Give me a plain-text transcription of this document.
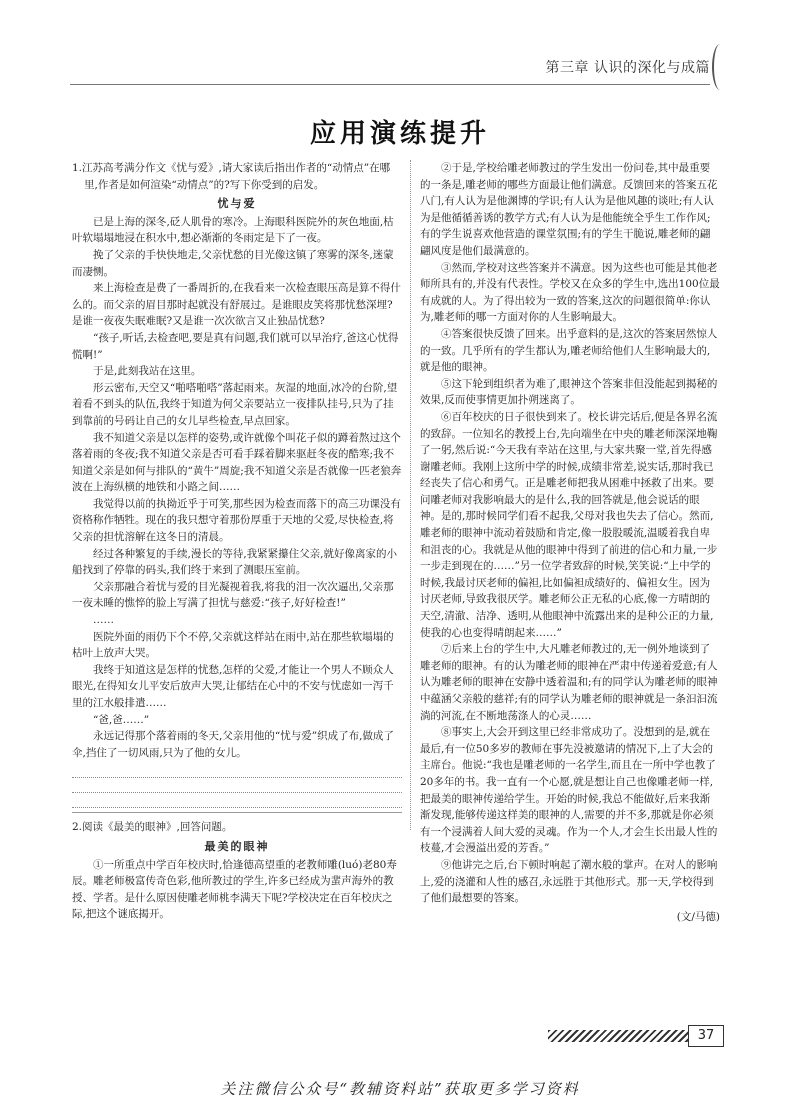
第三章 认识的深化与成篇
应用演练提升
1.江苏高考满分作文《忧与爱》,请大家读后指出作者的“动情点”在哪里,作者是如何渲染“动情点”的?写下你受到的启发。
忧与爱
已是上海的深冬,砭人肌骨的寒冷。上海眼科医院外的灰色地面,枯叶软塌塌地浸在积水中,想必渐渐的冬雨定是下了一夜。
挽了父亲的手快快地走,父亲忧愁的目光像这镇了寒雾的深冬,迷蒙而凄恻。
来上海检查是费了一番周折的,在我看来一次检查眼压高是算不得什么的。而父亲的眉目那时起就没有舒展过。是谁眼皮笑将那忧愁深埋?是谁一夜夜失眠难眠?又是谁一次次欲言又止独品忧愁?
“孩子,听话,去检查吧,要是真有问题,我们就可以早治疗,爸这心忧得慌啊!”
于是,此刻我站在这里。
形云密布,天空又“啪嗒啪嗒”落起雨来。灰湿的地面,冰冷的台阶,望着看不到头的队伍,我终于知道为何父亲要站立一夜排队挂号,只为了挂到靠前的号码让自己的女儿早些检查,早点回家。
我不知道父亲是以怎样的姿势,或许就像个叫花子似的蹲着熬过这个落着雨的冬夜;我不知道父亲是否可看手踩着脚来驱赶冬夜的酷寒;我不知道父亲是如何与排队的“黄牛”周旋;我不知道父亲是否就像一匹老狼奔波在上海纵横的地铁和小路之间……
我觉得以前的执拗近乎于可笑,那些因为检查而落下的高三功课没有资格称作牺牲。现在的我只想守着那份厚重于天地的父爱,尽快检查,将父亲的担忧溶解在这冬日的清晨。
经过各种繁复的手续,漫长的等待,我紧紧攥住父亲,就好像离家的小船找到了停靠的码头,我们终于来到了测眼压室前。
父亲那融合着忧与爱的目光凝视着我,将我的泪一次次逼出,父亲那一夜未睡的憔悴的脸上写满了担忧与慈爱:“孩子,好好检查!”
……
医院外面的雨仍下个不停,父亲就这样站在雨中,站在那些软塌塌的枯叶上放声大哭。
我终于知道这是怎样的忧愁,怎样的父爱,才能让一个男人不顾众人眼光,在得知女儿平安后放声大哭,让郁结在心中的不安与忧虑如一泻千里的江水般排遣……
“爸,爸……”
永远记得那个落着雨的冬天,父亲用他的“忧与爱”织成了布,做成了伞,挡住了一切风雨,只为了他的女儿。
2.阅读《最美的眼神》,回答问题。
最美的眼神
①一所重点中学百年校庆时,恰逢德高望重的老教师雕(luó)老80寿辰。雕老师极富传奇色彩,他所教过的学生,许多已经成为蜚声海外的教授、学者。是什么原因使雕老师桃李满天下呢?学校决定在百年校庆之际,把这个谜底揭开。
②于是,学校给雕老师教过的学生发出一份问卷,其中最重要的一条是,雕老师的哪些方面最让他们满意。反馈回来的答案五花八门,有人认为是他渊博的学识;有人认为是他风趣的谈吐;有人认为是他循循善诱的教学方式;有人认为是他能统全乎生工作作风;有的学生说喜欢他营造的课堂氛围;有的学生干脆说,雕老师的翩翩风度是他们最满意的。
③然而,学校对这些答案并不满意。因为这些也可能是其他老师所具有的,并没有代表性。学校又在众多的学生中,选出100位最有成就的人。为了得出较为一致的答案,这次的问题很简单:你认为,雕老师的哪一方面对你的人生影响最大。
④答案很快反馈了回来。出乎意料的是,这次的答案居然惊人的一致。几乎所有的学生都认为,雕老师给他们人生影响最大的,就是他的眼神。
⑤这下轮到组织者为难了,眼神这个答案非但没能起到揭秘的效果,反而使事情更加扑朔迷离了。
⑥百年校庆的日子很快到来了。校长讲完话后,便是各界名流的致辞。一位知名的教授上台,先向端坐在中央的雕老师深深地鞠了一躬,然后说:“今天我有幸站在这里,与大家共聚一堂,首先得感谢雕老师。我刚上这所中学的时候,成绩非常差,说实话,那时我已经丧失了信心和勇气。正是雕老师把我从困难中拯救了出来。要问雕老师对我影响最大的是什么,我的回答就是,他会说话的眼神。是的,那时候同学们看不起我,父母对我也失去了信心。然而,雕老师的眼神中流动着鼓励和肯定,像一股股暖流,温暖着我自卑和沮丧的心。我就是从他的眼神中得到了前进的信心和力量,一步一步走到现在的……”另一位学者致辞的时候,笑笑说:“上中学的时候,我最讨厌老师的偏袒,比如偏袒成绩好的、偏袒女生。因为讨厌老师,导致我很厌学。雕老师公正无私的心底,像一方晴朗的天空,清澈、洁净、透明,从他眼神中流露出来的是种公正的力量,使我的心也变得晴朗起来……”
⑦后来上台的学生中,大凡雕老师教过的,无一例外地谈到了雕老师的眼神。有的认为雕老师的眼神在严肃中传递着爱意;有人认为雕老师的眼神在安静中透着温和;有的同学认为雕老师的眼神中蕴涵父亲般的慈祥;有的同学认为雕老师的眼神就是一条汩汩流淌的河流,在不断地荡涤人的心灵……
⑧事实上,大会开到这里已经非常成功了。没想到的是,就在最后,有一位50多岁的教师在事先没被邀请的情况下,上了大会的主席台。他说:“我也是雕老师的一名学生,而且在一所中学也教了20多年的书。我一直有一个心愿,就是想让自己也像雕老师一样,把最美的眼神传递给学生。开始的时候,我总不能做好,后来我渐渐发现,能够传递这样美的眼神的人,需要的并不多,那就是你必须有一个浸满着人间大爱的灵魂。作为一个人,才会生长出最人性的枝蔓,才会漫溢出爱的芳香。”
⑨他讲完之后,台下顿时响起了潮水般的掌声。在对人的影响上,爱的浇灌和人性的感召,永远胜于其他形式。那一天,学校得到了他们最想要的答案。
(文/马德)
37
关注微信公众号“教辅资料站”获取更多学习资料
